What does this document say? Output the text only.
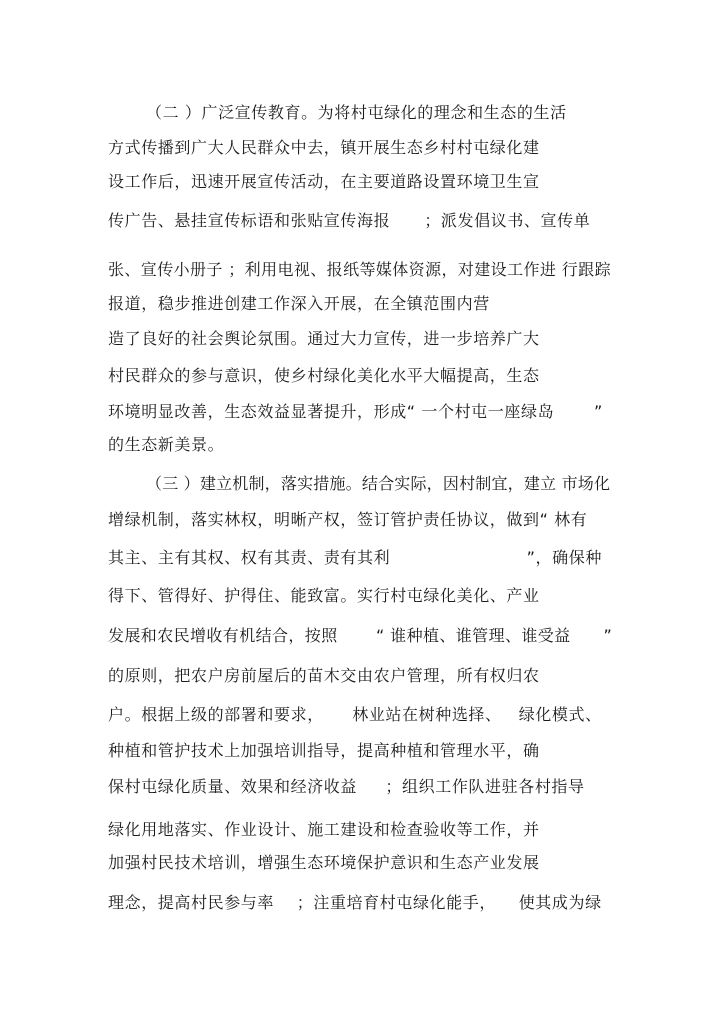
（二 ）广泛宣传教育。为将村屯绿化的理念和生态的生活
方式传播到广大人民群众中去，镇开展生态乡村村屯绿化建
设工作后，迅速开展宣传活动，在主要道路设置环境卫生宣
传广告、悬挂宣传标语和张贴宣传海报      ；派发倡议书、宣传单
张、宣传小册子 ；利用电视、报纸等媒体资源，对建设工作进 行跟踪
报道，稳步推进创建工作深入开展，在全镇范围内营
造了良好的社会舆论氛围。通过大力宣传，进一步培养广大
村民群众的参与意识，使乡村绿化美化水平大幅提高，生态
环境明显改善，生态效益显著提升，形成“ 一个村屯一座绿岛       ”
的生态新美景。
（三 ）建立机制，落实措施。结合实际，因村制宜，建立 市场化
增绿机制，落实林权，明晰产权，签订管护责任协议，做到“ 林有
其主、主有其权、权有其责、责有其利                        ”，确保种
得下、管得好、护得住、能致富。实行村屯绿化美化、产业
发展和农民增收有机结合，按照       “ 谁种植、谁管理、谁受益      ”
的原则，把农户房前屋后的苗木交由农户管理，所有权归农
户。根据上级的部署和要求，     林业站在树种选择、   绿化模式、
种植和管护技术上加强培训指导，提高种植和管理水平，确
保村屯绿化质量、效果和经济收益     ；组织工作队进驻各村指导
绿化用地落实、作业设计、施工建设和检查验收等工作，并
加强村民技术培训，增强生态环境保护意识和生态产业发展
理念，提高村民参与率    ；注重培育村屯绿化能手，    使其成为绿
